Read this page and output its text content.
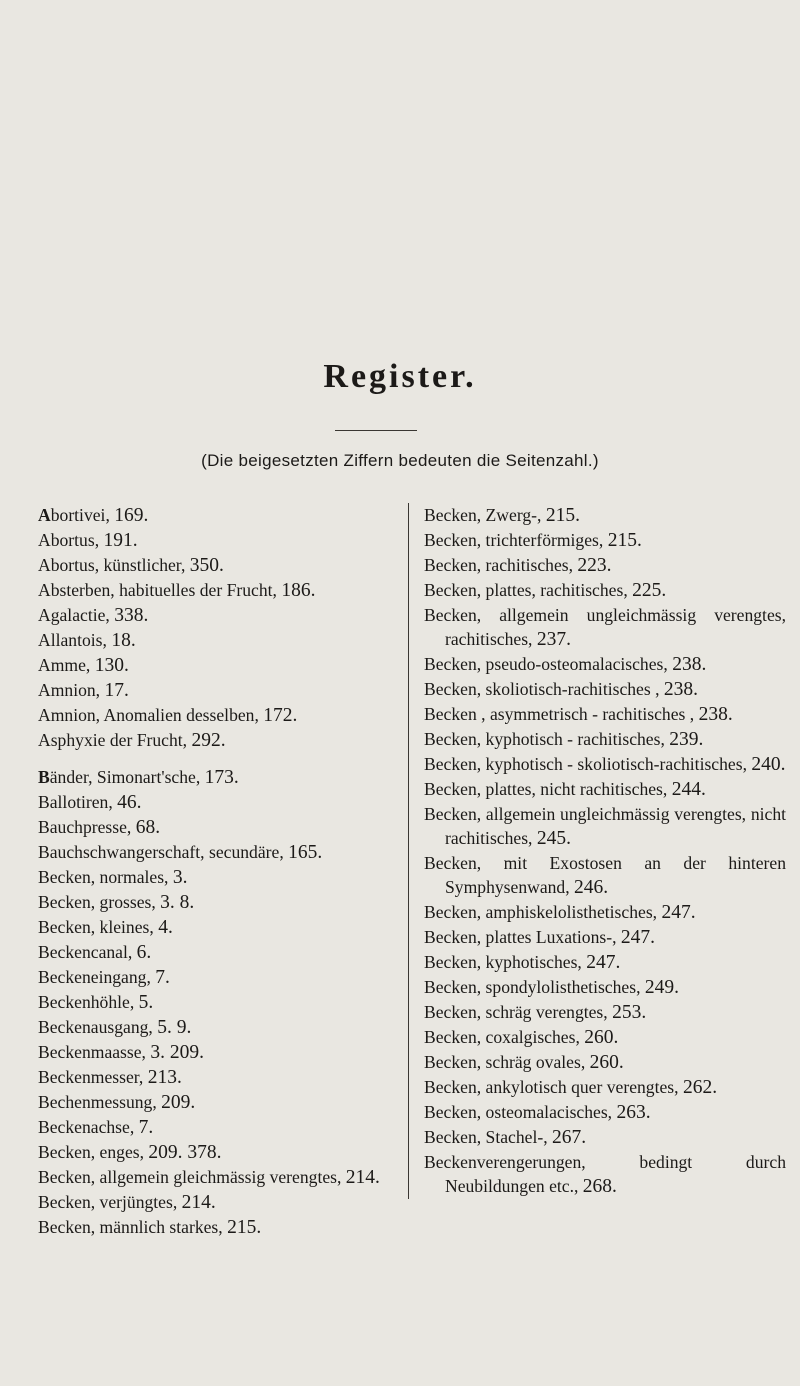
Register.
(Die beigesetzten Ziffern bedeuten die Seitenzahl.)
Abortivei, 169.
Abortus, 191.
Abortus, künstlicher, 350.
Absterben, habituelles der Frucht, 186.
Agalactie, 338.
Allantois, 18.
Amme, 130.
Amnion, 17.
Amnion, Anomalien desselben, 172.
Asphyxie der Frucht, 292.
Bänder, Simonart'sche, 173.
Ballotiren, 46.
Bauchpresse, 68.
Bauchschwangerschaft, secundäre, 165.
Becken, normales, 3.
Becken, grosses, 3. 8.
Becken, kleines, 4.
Beckencanal, 6.
Beckeneingang, 7.
Beckenhöhle, 5.
Beckenausgang, 5. 9.
Beckenmaasse, 3. 209.
Beckenmesser, 213.
Bechenmessung, 209.
Beckenachse, 7.
Becken, enges, 209. 378.
Becken, allgemein gleichmässig verengtes, 214.
Becken, verjüngtes, 214.
Becken, männlich starkes, 215.
Becken, Zwerg-, 215.
Becken, trichterförmiges, 215.
Becken, rachitisches, 223.
Becken, plattes, rachitisches, 225.
Becken, allgemein ungleichmässig verengtes, rachitisches, 237.
Becken, pseudo-osteomalacisches, 238.
Becken, skoliotisch-rachitisches , 238.
Becken , asymmetrisch - rachitisches , 238.
Becken, kyphotisch - rachitisches, 239.
Becken, kyphotisch - skoliotisch-rachitisches, 240.
Becken, plattes, nicht rachitisches, 244.
Becken, allgemein ungleichmässig verengtes, nicht rachitisches, 245.
Becken, mit Exostosen an der hinteren Symphysenwand, 246.
Becken, amphiskelolisthetisches, 247.
Becken, plattes Luxations-, 247.
Becken, kyphotisches, 247.
Becken, spondylolisthetisches, 249.
Becken, schräg verengtes, 253.
Becken, coxalgisches, 260.
Becken, schräg ovales, 260.
Becken, ankylotisch quer verengtes, 262.
Becken, osteomalacisches, 263.
Becken, Stachel-, 267.
Beckenverengerungen, bedingt durch Neubildungen etc., 268.
